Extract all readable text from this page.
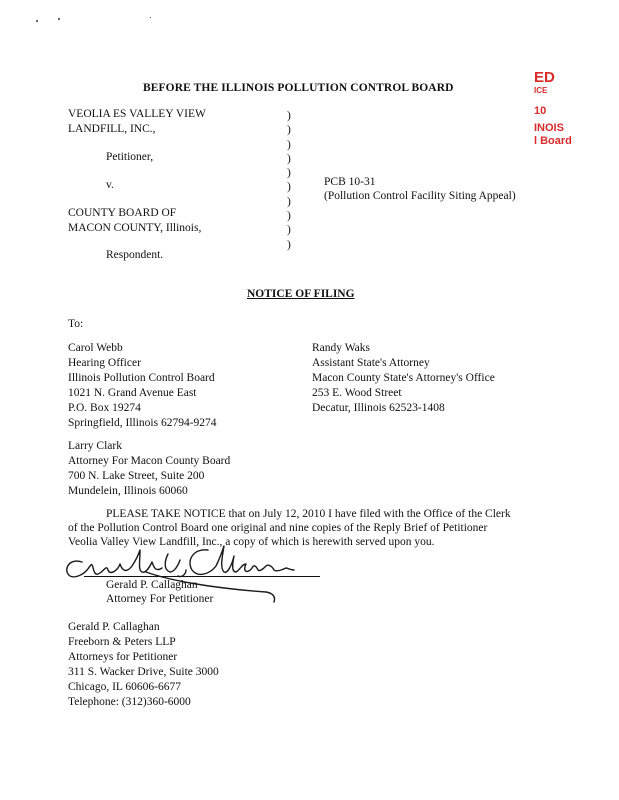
BEFORE THE ILLINOIS POLLUTION CONTROL BOARD
ED
ICE
10
INOIS
l Board
VEOLIA ES VALLEY VIEW
LANDFILL, INC.,
Petitioner,
v.
COUNTY BOARD OF
MACON COUNTY, Illinois,
Respondent.
)
)
)
)
)
)
)
)
)
)
PCB 10-31
(Pollution Control Facility Siting Appeal)
NOTICE OF FILING
To:
Carol Webb
Hearing Officer
Illinois Pollution Control Board
1021 N. Grand Avenue East
P.O. Box 19274
Springfield, Illinois 62794-9274
Randy Waks
Assistant State's Attorney
Macon County State's Attorney's Office
253 E. Wood Street
Decatur, Illinois 62523-1408
Larry Clark
Attorney For Macon County Board
700 N. Lake Street, Suite 200
Mundelein, Illinois 60060
PLEASE TAKE NOTICE that on July 12, 2010 I have filed with the Office of the Clerk
of the Pollution Control Board one original and nine copies of the Reply Brief of Petitioner
Veolia Valley View Landfill, Inc., a copy of which is herewith served upon you.
Gerald P. Callaghan
Attorney For Petitioner
Gerald P. Callaghan
Freeborn & Peters LLP
Attorneys for Petitioner
311 S. Wacker Drive, Suite 3000
Chicago, IL 60606-6677
Telephone: (312)360-6000
